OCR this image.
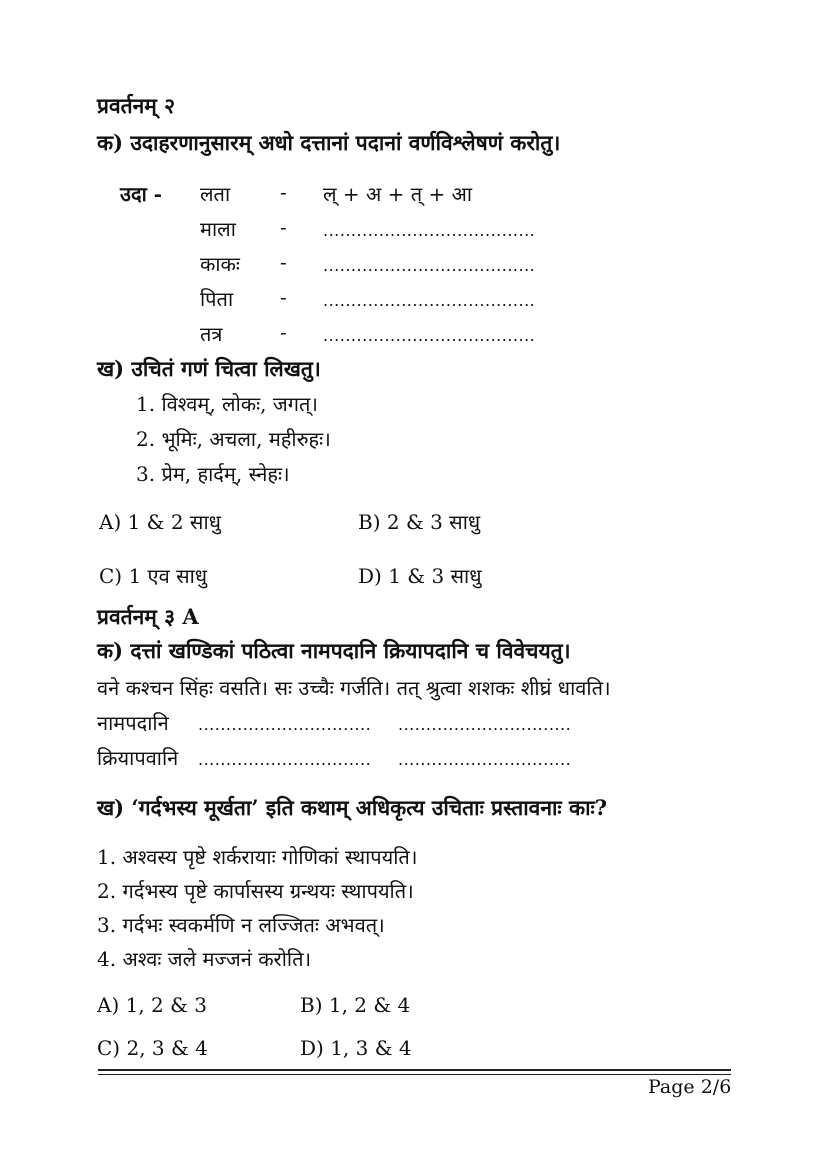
प्रवर्तनम् २
क) उदाहरणानुसारम् अधो दत्तानां पदानां वर्णविश्लेषणं करोतु।
उदा - लता - ल् + अ + त् + आ
माला - ......................................
काकः - ......................................
पिता - ......................................
तत्र	- ......................................
ख) उचितं गणं चित्वा लिखतु।
1. विश्वम्, लोकः, जगत्।
2. भूमिः, अचला, महीरुहः।
3. प्रेम, हार्दम्, स्नेहः।
A) 1 & 2 साधु	B) 2 & 3 साधु
C) 1 एव साधु	D) 1 & 3 साधु
प्रवर्तनम् ३ A
क) दत्तां खण्डिकां पठित्वा नामपदानि क्रियापदानि च विवेचयतु।
वने कश्चन सिंहः वसति। सः उच्चैः गर्जति। तत् श्रुत्वा शशकः शीघ्रं धावति।
नामपदानि ............................... ...............................
क्रियापवानि ............................... ...............................
ख) ‘गर्दभस्य मूर्खता’ इति कथाम् अधिकृत्य उचिताः प्रस्तावनाः काः?
1. अश्वस्य पृष्टे शर्करायाः गोणिकां स्थापयति।
2. गर्दभस्य पृष्टे कार्पासस्य ग्रन्थयः स्थापयति।
3. गर्दभः स्वकर्मणि न लज्जितः अभवत्।
4. अश्वः जले मज्जनं करोति।
A) 1, 2 & 3	B) 1, 2 & 4
C) 2, 3 & 4	D) 1, 3 & 4
Page 2/6
